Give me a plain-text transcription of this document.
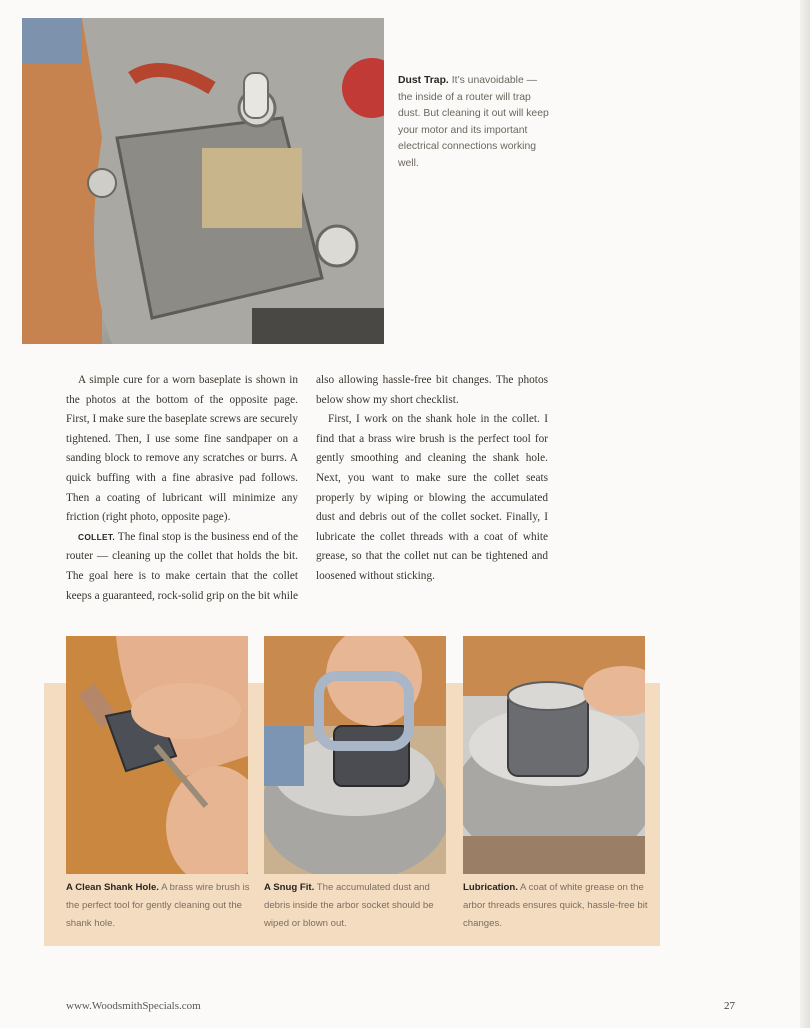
Dust Trap. It’s unavoidable — the inside of a router will trap dust. But cleaning it out will keep your motor and its important electrical connections working well.

A simple cure for a worn baseplate is shown in the photos at the bottom of the opposite page. First, I make sure the baseplate screws are securely tightened. Then, I use some fine sandpaper on a sanding block to remove any scratches or burrs. A quick buffing with a fine abrasive pad follows. Then a coating of lubricant will minimize any friction (right photo, opposite page).

COLLET. The final stop is the business end of the router — cleaning up the collet that holds the bit. The goal here is to make certain that the collet keeps a guaranteed, rock-solid grip on the bit while also allowing hassle-free bit changes. The photos below show my short checklist.

First, I work on the shank hole in the collet. I find that a brass wire brush is the perfect tool for gently smoothing and cleaning the shank hole. Next, you want to make sure the collet seats properly by wiping or blowing the accumulated dust and debris out of the collet socket. Finally, I lubricate the collet threads with a coat of white grease, so that the collet nut can be tightened and loosened without sticking.

A Clean Shank Hole. A brass wire brush is the perfect tool for gently cleaning out the shank hole.
A Snug Fit. The accumulated dust and debris inside the arbor socket should be wiped or blown out.
Lubrication. A coat of white grease on the arbor threads ensures quick, hassle-free bit changes.
www.WoodsmithSpecials.com	27
